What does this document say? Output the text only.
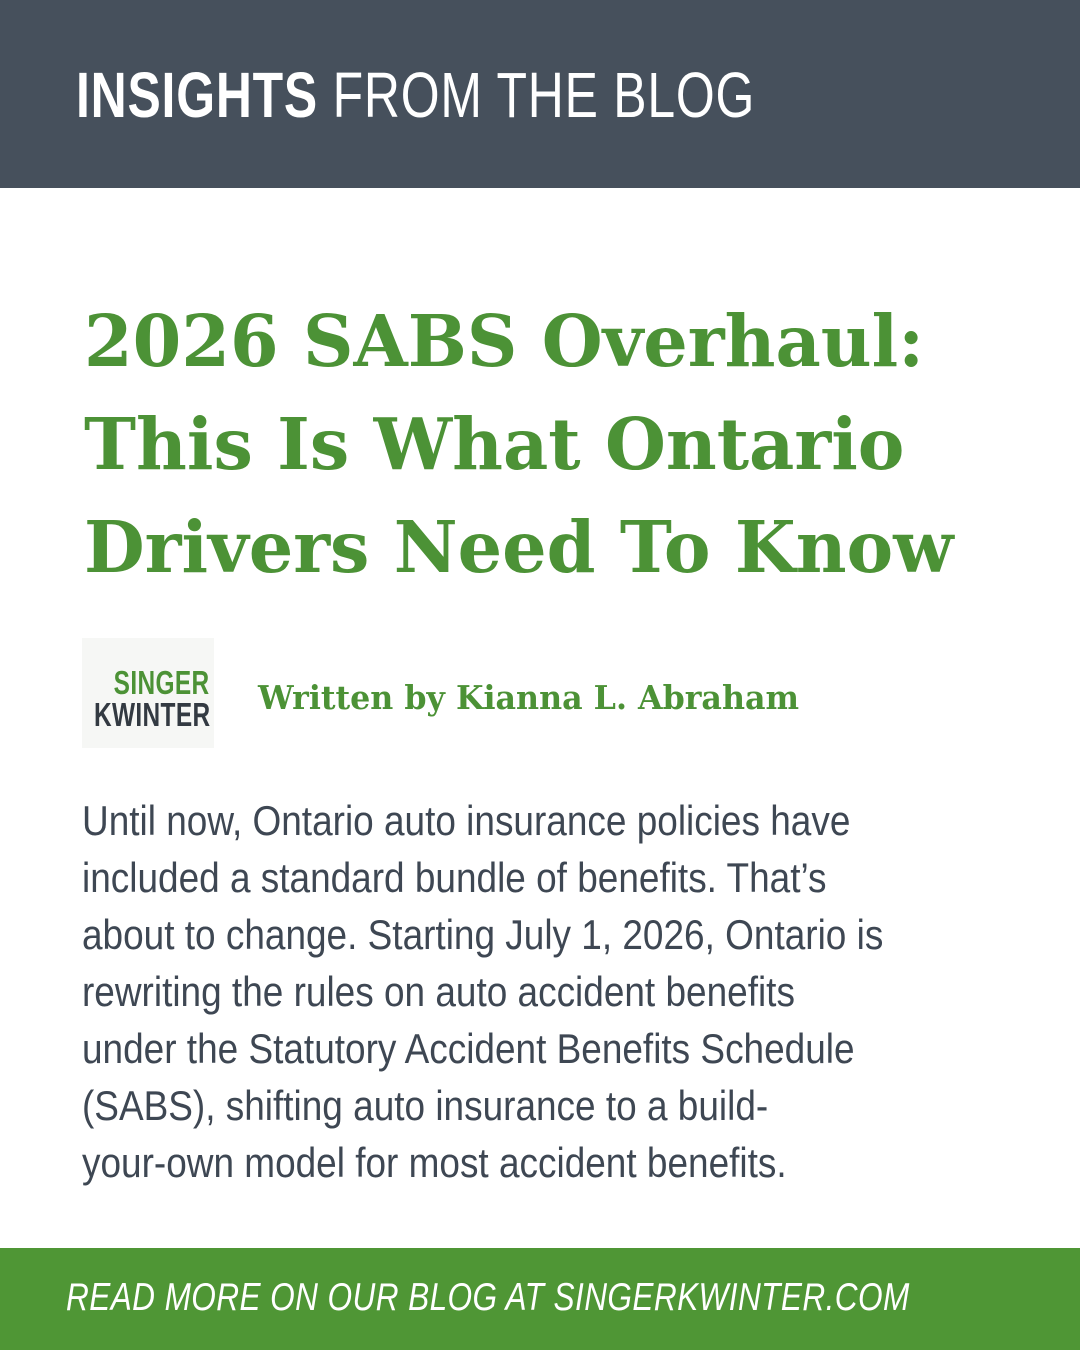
INSIGHTS FROM THE BLOG
2026 SABS Overhaul:
This Is What Ontario
Drivers Need To Know
SINGER
KWINTER Written by Kianna L. Abraham

Until now, Ontario auto insurance policies have
included a standard bundle of benefits. That’s
about to change. Starting July 1, 2026, Ontario is
rewriting the rules on auto accident benefits
under the Statutory Accident Benefits Schedule
(SABS), shifting auto insurance to a build-
your-own model for most accident benefits.

READ MORE ON OUR BLOG AT SINGERKWINTER.COM
